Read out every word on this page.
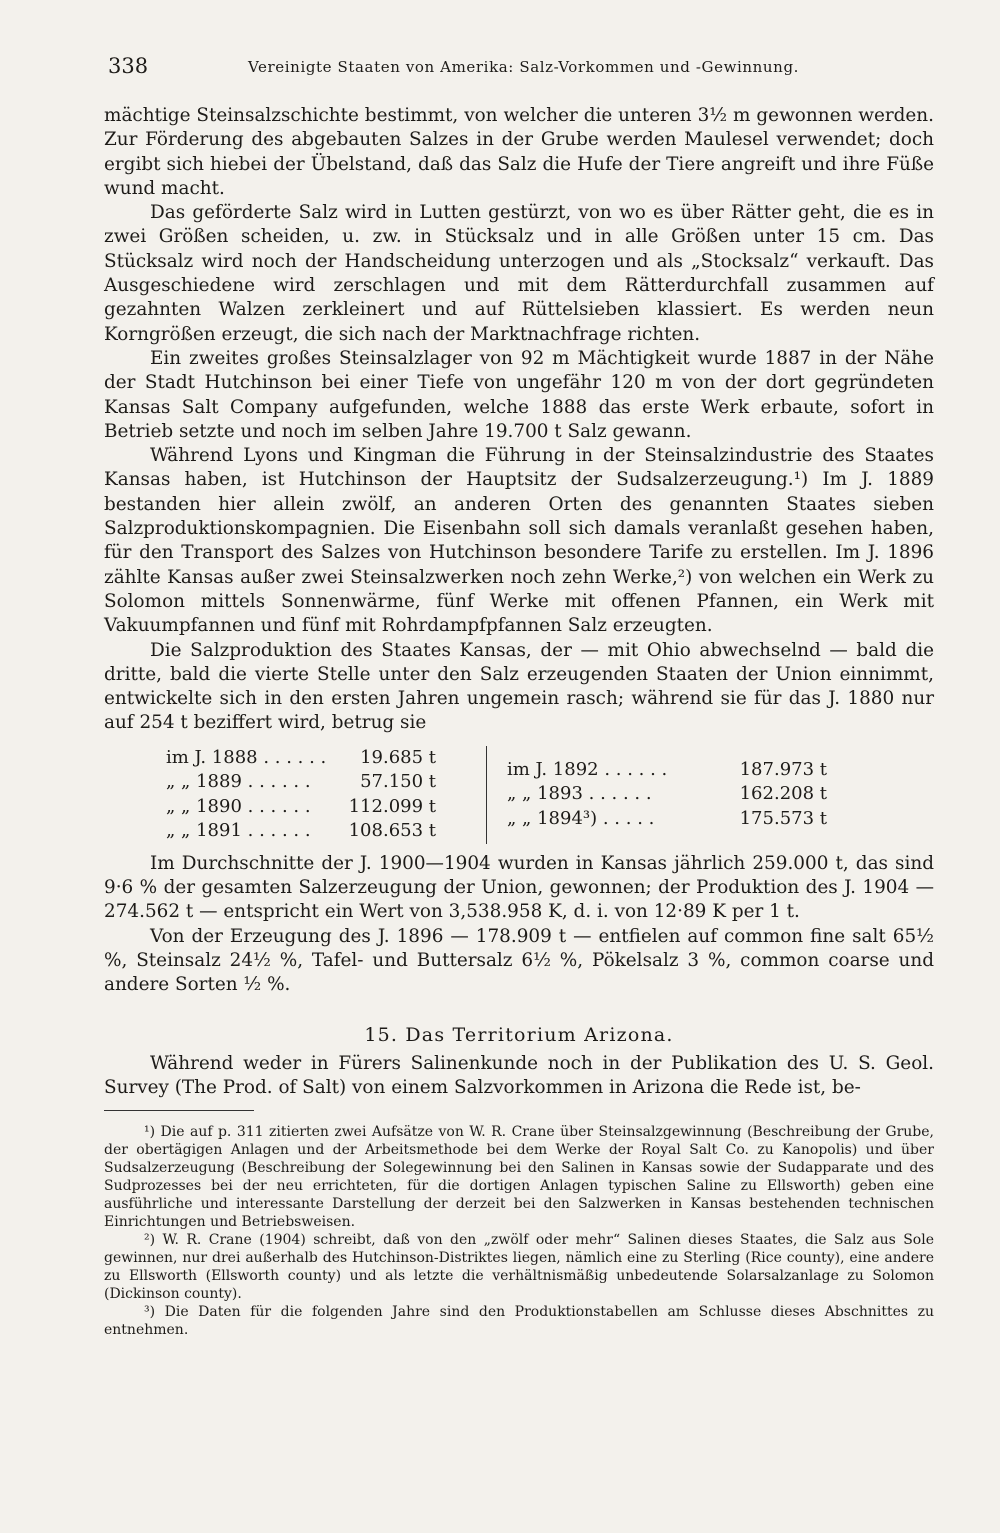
338	Vereinigte Staaten von Amerika: Salz-Vorkommen und -Gewinnung.

mächtige Steinsalzschichte bestimmt, von welcher die unteren 3½ m gewonnen werden. Zur Förderung des abgebauten Salzes in der Grube werden Maulesel verwendet; doch ergibt sich hiebei der Übelstand, daß das Salz die Hufe der Tiere angreift und ihre Füße wund macht.

Das geförderte Salz wird in Lutten gestürzt, von wo es über Rätter geht, die es in zwei Größen scheiden, u. zw. in Stücksalz und in alle Größen unter 15 cm. Das Stücksalz wird noch der Handscheidung unterzogen und als „Stocksalz“ verkauft. Das Ausgeschiedene wird zerschlagen und mit dem Rätterdurchfall zusammen auf gezahnten Walzen zerkleinert und auf Rüttelsieben klassiert. Es werden neun Korngrößen erzeugt, die sich nach der Marktnachfrage richten.

Ein zweites großes Steinsalzlager von 92 m Mächtigkeit wurde 1887 in der Nähe der Stadt Hutchinson bei einer Tiefe von ungefähr 120 m von der dort gegründeten Kansas Salt Company aufgefunden, welche 1888 das erste Werk erbaute, sofort in Betrieb setzte und noch im selben Jahre 19.700 t Salz gewann.

Während Lyons und Kingman die Führung in der Steinsalzindustrie des Staates Kansas haben, ist Hutchinson der Hauptsitz der Sudsalzerzeugung.¹) Im J. 1889 bestanden hier allein zwölf, an anderen Orten des genannten Staates sieben Salzproduktionskompagnien. Die Eisenbahn soll sich damals veranlaßt gesehen haben, für den Transport des Salzes von Hutchinson besondere Tarife zu erstellen. Im J. 1896 zählte Kansas außer zwei Steinsalzwerken noch zehn Werke,²) von welchen ein Werk zu Solomon mittels Sonnenwärme, fünf Werke mit offenen Pfannen, ein Werk mit Vakuumpfannen und fünf mit Rohrdampfpfannen Salz erzeugten.

Die Salzproduktion des Staates Kansas, der — mit Ohio abwechselnd — bald die dritte, bald die vierte Stelle unter den Salz erzeugenden Staaten der Union einnimmt, entwickelte sich in den ersten Jahren ungemein rasch; während sie für das J. 1880 nur auf 254 t beziffert wird, betrug sie

im J. 1888 . . . . . .	19.685 t
„ „ 1889 . . . . . .	57.150 t
„ „ 1890 . . . . . .	112.099 t
„ „ 1891 . . . . . .	108.653 t
im J. 1892 . . . . . .	187.973 t
„ „ 1893 . . . . . .	162.208 t
„ „ 1894³) . . . . .	175.573 t

Im Durchschnitte der J. 1900—1904 wurden in Kansas jährlich 259.000 t, das sind 9·6 % der gesamten Salzerzeugung der Union, gewonnen; der Produktion des J. 1904 — 274.562 t — entspricht ein Wert von 3,538.958 K, d. i. von 12·89 K per 1 t.

Von der Erzeugung des J. 1896 — 178.909 t — entfielen auf common fine salt 65½ %, Steinsalz 24½ %, Tafel- und Buttersalz 6½ %, Pökelsalz 3 %, common coarse und andere Sorten ½ %.

15. Das Territorium Arizona.

Während weder in Fürers Salinenkunde noch in der Publikation des U. S. Geol. Survey (The Prod. of Salt) von einem Salzvorkommen in Arizona die Rede ist, be-

¹) Die auf p. 311 zitierten zwei Aufsätze von W. R. Crane über Steinsalzgewinnung (Beschreibung der Grube, der obertägigen Anlagen und der Arbeitsmethode bei dem Werke der Royal Salt Co. zu Kanopolis) und über Sudsalzerzeugung (Beschreibung der Solegewinnung bei den Salinen in Kansas sowie der Sudapparate und des Sudprozesses bei der neu errichteten, für die dortigen Anlagen typischen Saline zu Ellsworth) geben eine ausführliche und interessante Darstellung der derzeit bei den Salzwerken in Kansas bestehenden technischen Einrichtungen und Betriebsweisen.

²) W. R. Crane (1904) schreibt, daß von den „zwölf oder mehr“ Salinen dieses Staates, die Salz aus Sole gewinnen, nur drei außerhalb des Hutchinson-Distriktes liegen, nämlich eine zu Sterling (Rice county), eine andere zu Ellsworth (Ellsworth county) und als letzte die verhältnismäßig unbedeutende Solarsalzanlage zu Solomon (Dickinson county).

³) Die Daten für die folgenden Jahre sind den Produktionstabellen am Schlusse dieses Abschnittes zu entnehmen.
